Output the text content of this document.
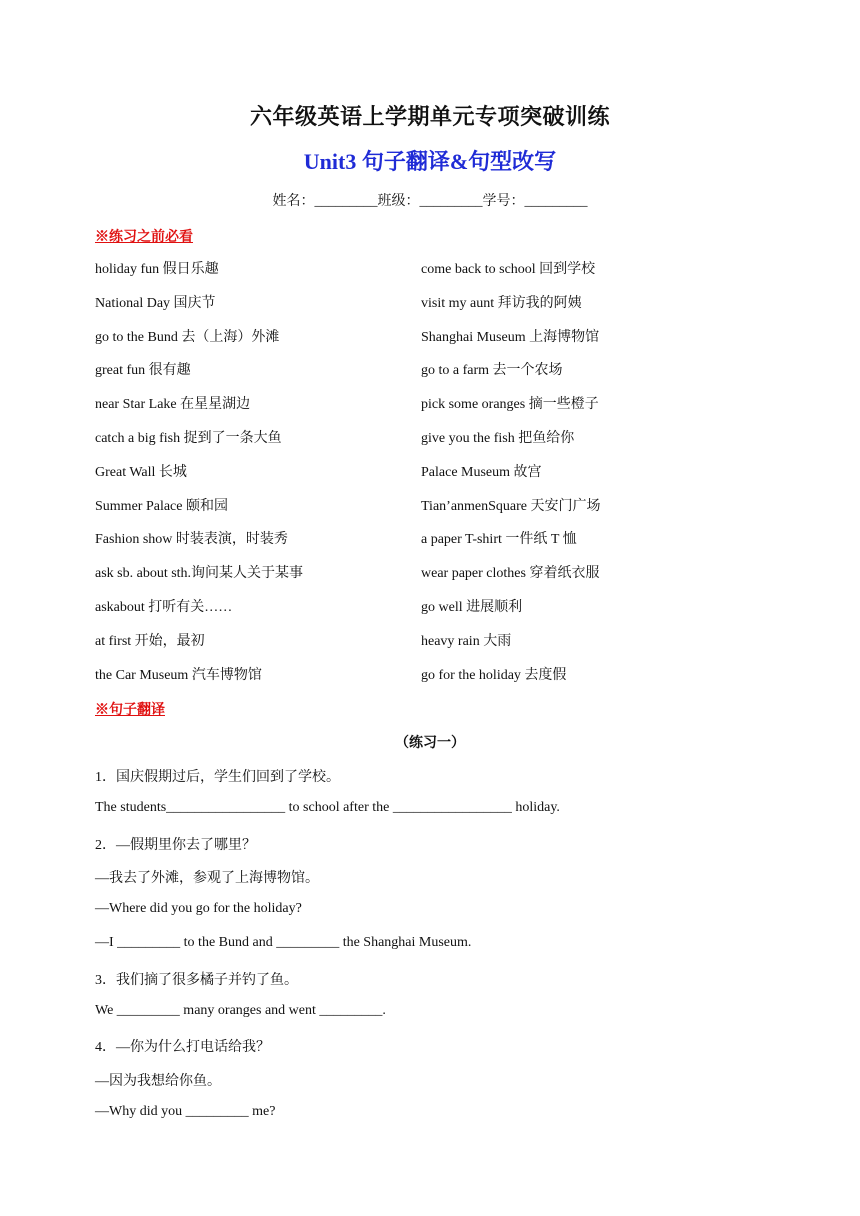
六年级英语上学期单元专项突破训练
Unit3 句子翻译&句型改写
姓名：_________班级：_________学号：_________
※练习之前必看
holiday fun 假日乐趣	come back to school 回到学校
National Day 国庆节	visit my aunt 拜访我的阿姨
go to the Bund 去（上海）外滩	Shanghai Museum 上海博物馆
great fun 很有趣	go to a farm 去一个农场
near Star Lake 在星星湖边	pick some oranges 摘一些橙子
catch a big fish 捉到了一条大鱼	give you the fish 把鱼给你
Great Wall 长城	Palace Museum 故宫
Summer Palace 颐和园	Tian’anmenSquare 天安门广场
Fashion show 时装表演，时装秀	a paper T-shirt 一件纸 T 恤
ask sb. about sth.询问某人关于某事	wear paper clothes 穿着纸衣服
askabout 打听有关……	go well 进展顺利
at first 开始，最初	heavy rain 大雨
the Car Museum 汽车博物馆	go for the holiday 去度假
※句子翻译
（练习一）
1．国庆假期过后，学生们回到了学校。
The students_________________ to school after the _________________ holiday.
2．—假期里你去了哪里？
—我去了外滩，参观了上海博物馆。
—Where did you go for the holiday?
—I _________ to the Bund and _________ the Shanghai Museum.
3．我们摘了很多橘子并钓了鱼。
We _________ many oranges and went _________.
4．—你为什么打电话给我？
—因为我想给你鱼。
—Why did you _________ me?
